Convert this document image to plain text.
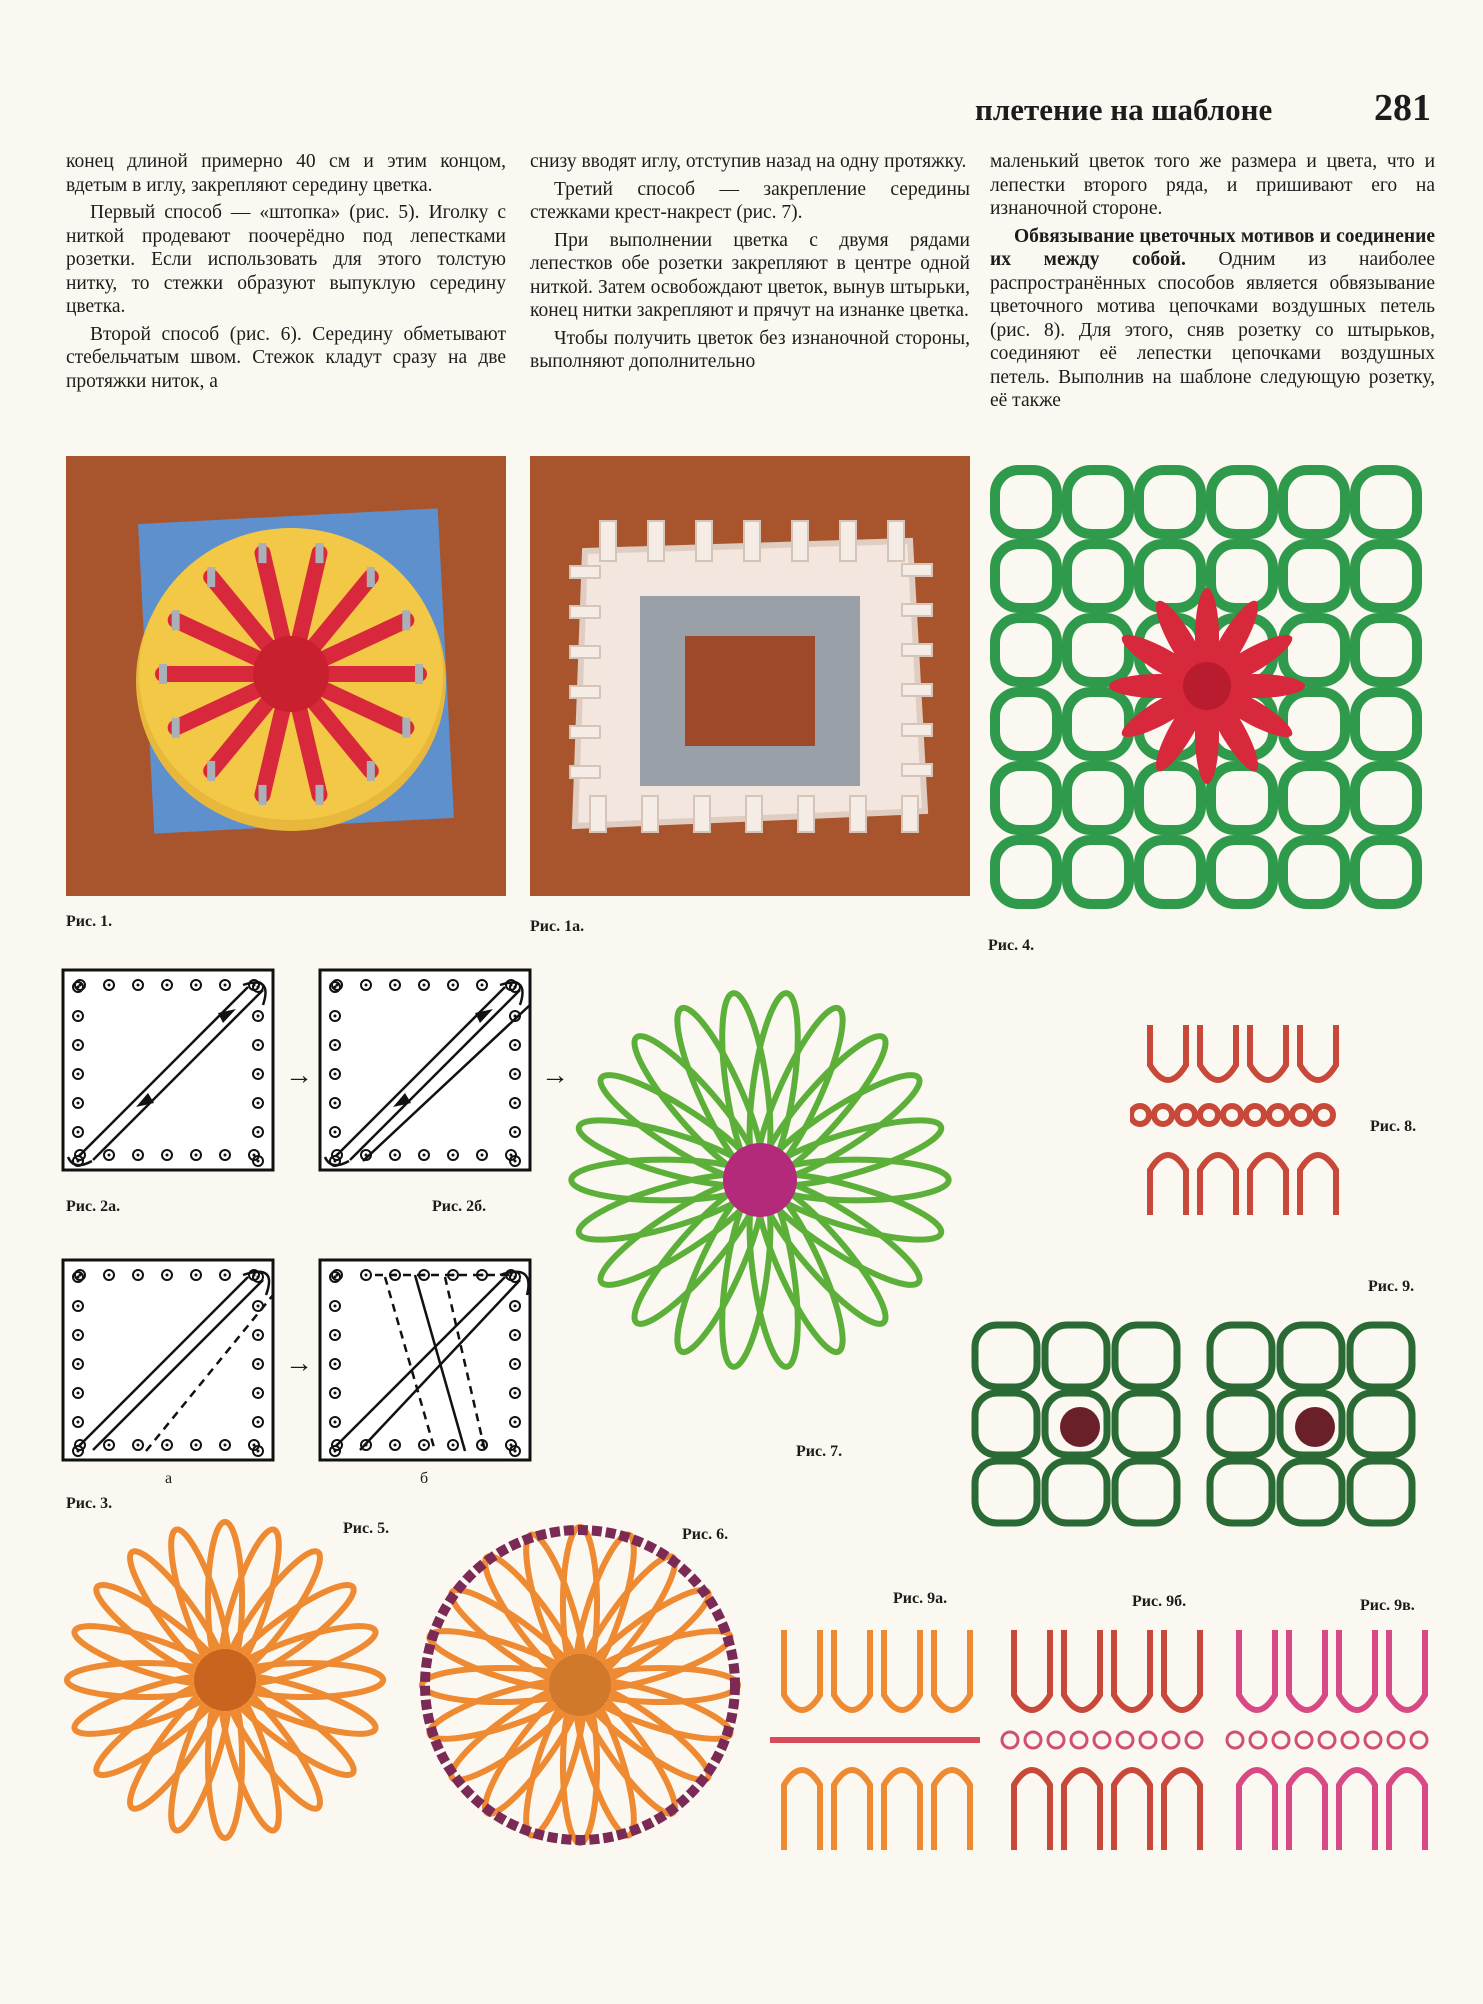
плетение на шаблоне	281

конец длиной примерно 40 см и этим концом, вдетым в иглу, закрепляют середину цветка.

Первый способ — «штопка» (рис. 5). Иголку с ниткой продевают поочерёдно под лепестками розетки. Если использовать для этого толстую нитку, то стежки образуют выпуклую середину цветка.

Второй способ (рис. 6). Середину обметывают стебельчатым швом. Стежок кладут сразу на две протяжки ниток, а

снизу вводят иглу, отступив назад на одну протяжку.

Третий способ — закрепление середины стежками крест-накрест (рис. 7).

При выполнении цветка с двумя рядами лепестков обе розетки закрепляют в центре одной ниткой. Затем освобождают цветок, вынув штырьки, конец нитки закрепляют и прячут на изнанке цветка.

Чтобы получить цветок без изнаночной стороны, выполняют дополнительно

маленький цветок того же размера и цвета, что и лепестки второго ряда, и пришивают его на изнаночной стороне.

Обвязывание цветочных мотивов и соединение их между собой. Одним из наиболее распространённых способов является обвязывание цветочного мотива цепочками воздушных петель (рис. 8). Для этого, сняв розетку со штырьков, соединяют её лепестки цепочками воздушных петель. Выполнив на шаблоне следующую розетку, её также

Рис. 1.	Рис. 1а.
Рис. 4.
→	→
Рис. 2а.	Рис. 2б.
→
а	б
Рис. 3.
Рис. 7.
Рис. 8.
Рис. 9.
Рис. 5.	Рис. 6.
Рис. 9а.	Рис. 9б.	Рис. 9в.
